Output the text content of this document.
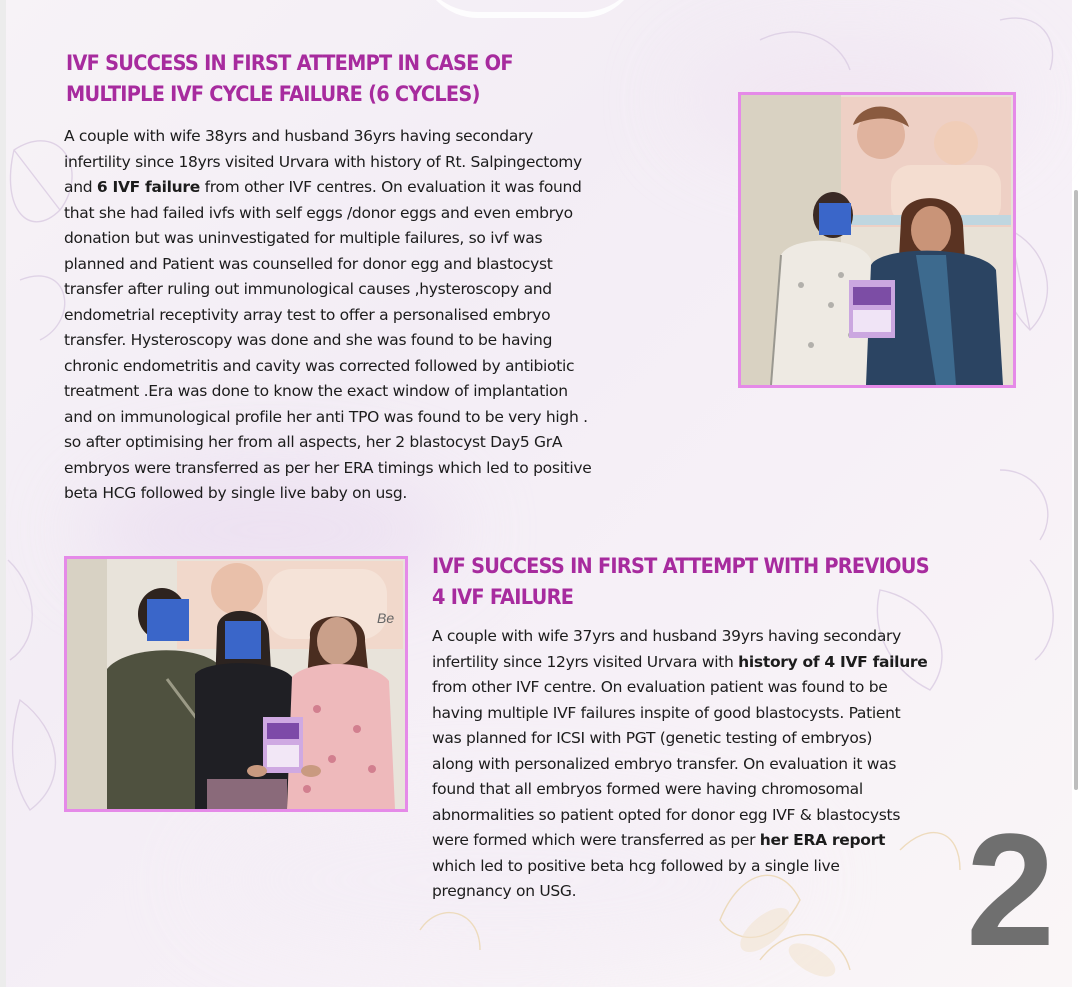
IVF SUCCESS IN FIRST ATTEMPT IN CASE OF
MULTIPLE IVF CYCLE FAILURE (6 CYCLES)

A couple with wife 38yrs and husband 36yrs having secondary
infertility since 18yrs visited Urvara with history of Rt. Salpingectomy
and 6 IVF failure from other IVF centres. On evaluation it was found
that she had failed ivfs with self eggs /donor eggs and even embryo
donation but was uninvestigated for multiple failures, so ivf was
planned and Patient was counselled for donor egg and blastocyst
transfer after ruling out immunological causes ,hysteroscopy and
endometrial receptivity array test to offer a personalised embryo
transfer. Hysteroscopy was done and she was found to be having
chronic endometritis and cavity was corrected followed by antibiotic
treatment .Era was done to know the exact window of implantation
and on immunological profile her anti TPO was found to be very high .
so after optimising her from all aspects, her 2 blastocyst Day5 GrA
embryos were transferred as per her ERA timings which led to positive
beta HCG followed by single live baby on usg.

Be
IVF SUCCESS IN FIRST ATTEMPT WITH PREVIOUS
4 IVF FAILURE

A couple with wife 37yrs and husband 39yrs having secondary
infertility since 12yrs visited Urvara with history of 4 IVF failure
from other IVF centre. On evaluation patient was found to be
having multiple IVF failures inspite of good blastocysts. Patient
was planned for ICSI with PGT (genetic testing of embryos)
along with personalized embryo transfer. On evaluation it was
found that all embryos formed were having chromosomal
abnormalities so patient opted for donor egg IVF & blastocysts
were formed which were transferred as per her ERA report
which led to positive beta hcg followed by a single live
pregnancy on USG.	2
